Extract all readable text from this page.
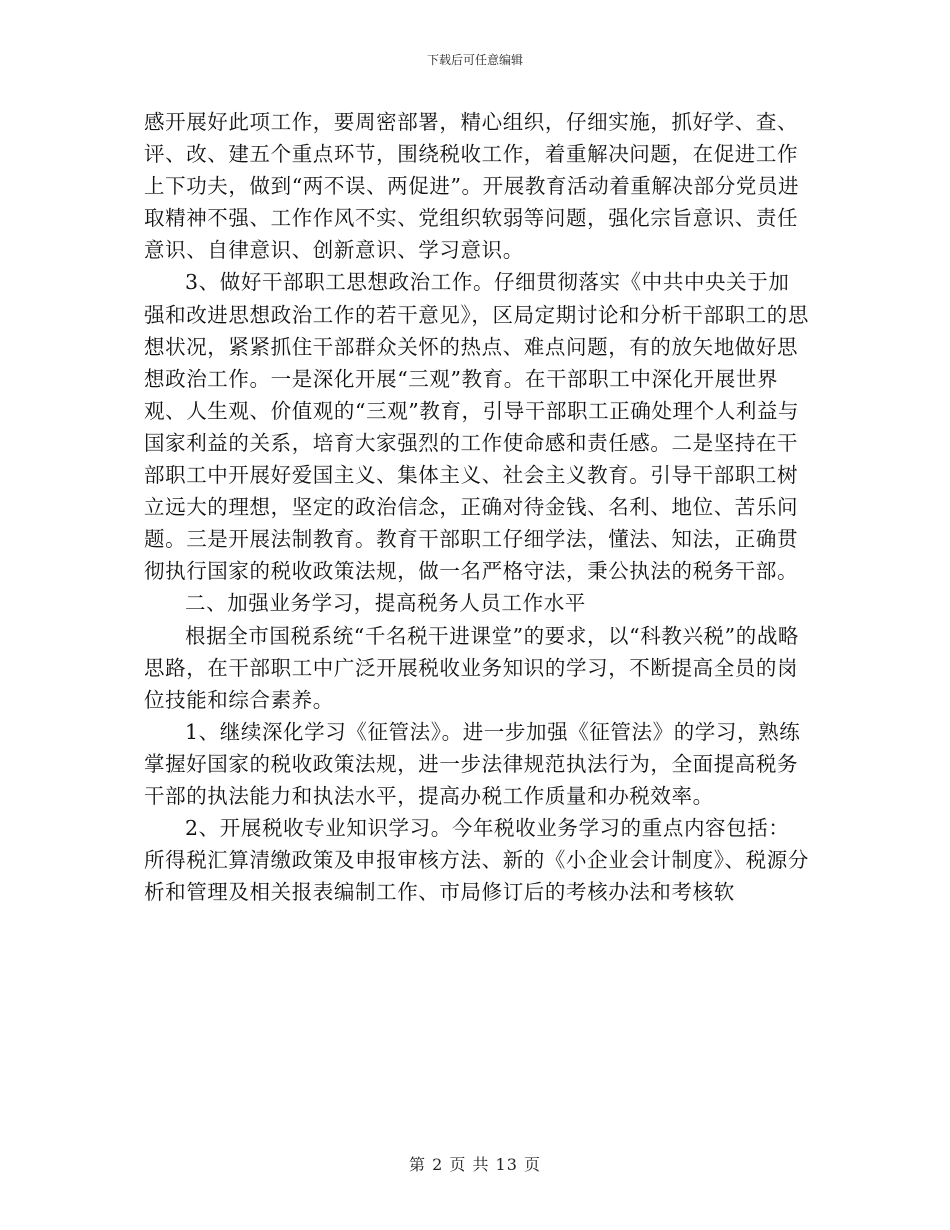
下载后可任意编辑

感开展好此项工作，要周密部署，精心组织，仔细实施，抓好学、查、评、改、建五个重点环节，围绕税收工作，着重解决问题，在促进工作上下功夫，做到“两不误、两促进”。开展教育活动着重解决部分党员进取精神不强、工作作风不实、党组织软弱等问题，强化宗旨意识、责任意识、自律意识、创新意识、学习意识。

3、做好干部职工思想政治工作。仔细贯彻落实《中共中央关于加强和改进思想政治工作的若干意见》，区局定期讨论和分析干部职工的思想状况，紧紧抓住干部群众关怀的热点、难点问题，有的放矢地做好思想政治工作。一是深化开展“三观”教育。在干部职工中深化开展世界观、人生观、价值观的“三观”教育，引导干部职工正确处理个人利益与国家利益的关系，培育大家强烈的工作使命感和责任感。二是坚持在干部职工中开展好爱国主义、集体主义、社会主义教育。引导干部职工树立远大的理想，坚定的政治信念，正确对待金钱、名利、地位、苦乐问题。三是开展法制教育。教育干部职工仔细学法，懂法、知法，正确贯彻执行国家的税收政策法规，做一名严格守法，秉公执法的税务干部。

二、加强业务学习，提高税务人员工作水平

根据全市国税系统“千名税干进课堂”的要求，以“科教兴税”的战略思路，在干部职工中广泛开展税收业务知识的学习，不断提高全员的岗位技能和综合素养。

1、继续深化学习《征管法》。进一步加强《征管法》的学习，熟练掌握好国家的税收政策法规，进一步法律规范执法行为，全面提高税务干部的执法能力和执法水平，提高办税工作质量和办税效率。

2、开展税收专业知识学习。今年税收业务学习的重点内容包括：所得税汇算清缴政策及申报审核方法、新的《小企业会计制度》、税源分析和管理及相关报表编制工作、市局修订后的考核办法和考核软

第 2 页 共 13 页
